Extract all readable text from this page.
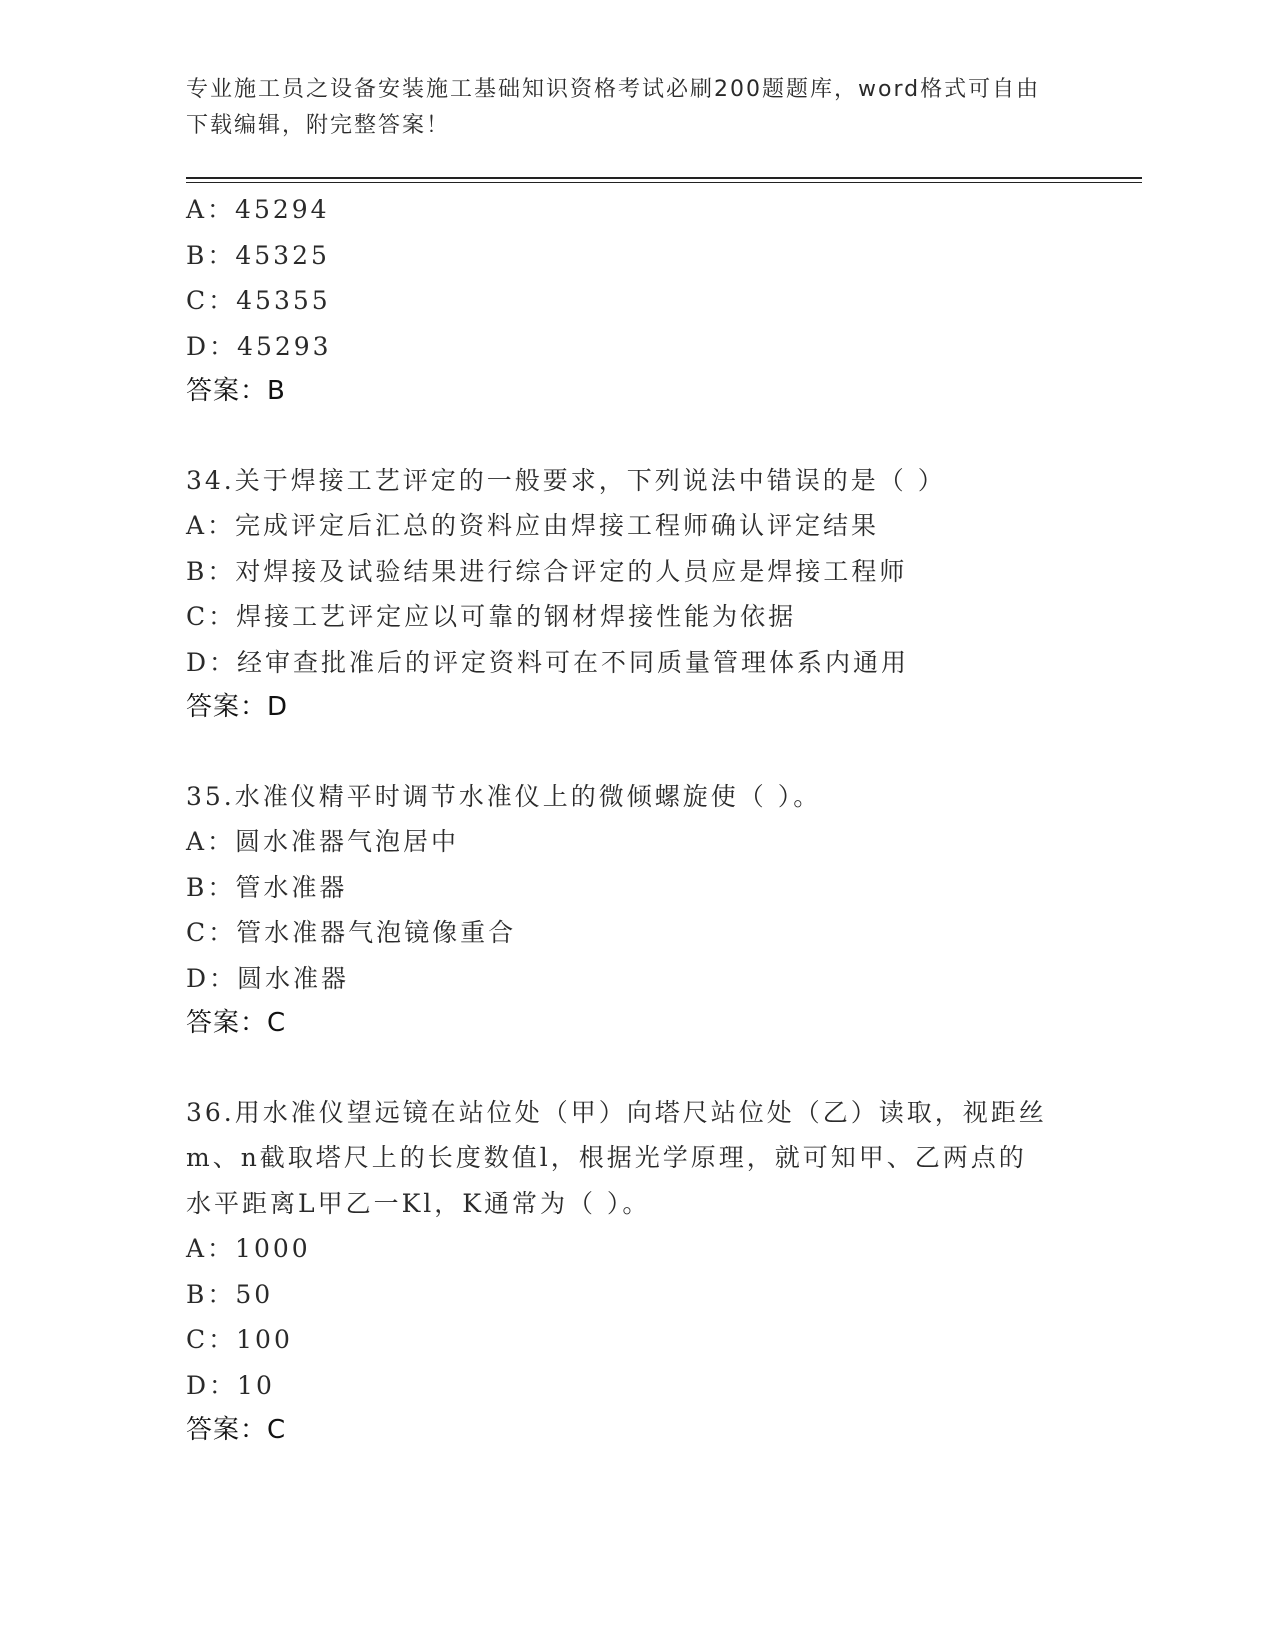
专业施工员之设备安装施工基础知识资格考试必刷200题题库，word格式可自由
下载编辑，附完整答案！
A：45294
B：45325
C：45355
D：45293
答案：B
34.关于焊接工艺评定的一般要求，下列说法中错误的是（ ）
A：完成评定后汇总的资料应由焊接工程师确认评定结果
B：对焊接及试验结果进行综合评定的人员应是焊接工程师
C：焊接工艺评定应以可靠的钢材焊接性能为依据
D：经审查批准后的评定资料可在不同质量管理体系内通用
答案：D
35.水准仪精平时调节水准仪上的微倾螺旋使（ ）。
A：圆水准器气泡居中
B：管水准器
C：管水准器气泡镜像重合
D：圆水准器
答案：C
36.用水准仪望远镜在站位处（甲）向塔尺站位处（乙）读取，视距丝
m、n截取塔尺上的长度数值l，根据光学原理，就可知甲、乙两点的
水平距离L甲乙一Kl，K通常为（ ）。
A：1000
B：50
C：100
D：10
答案：C
